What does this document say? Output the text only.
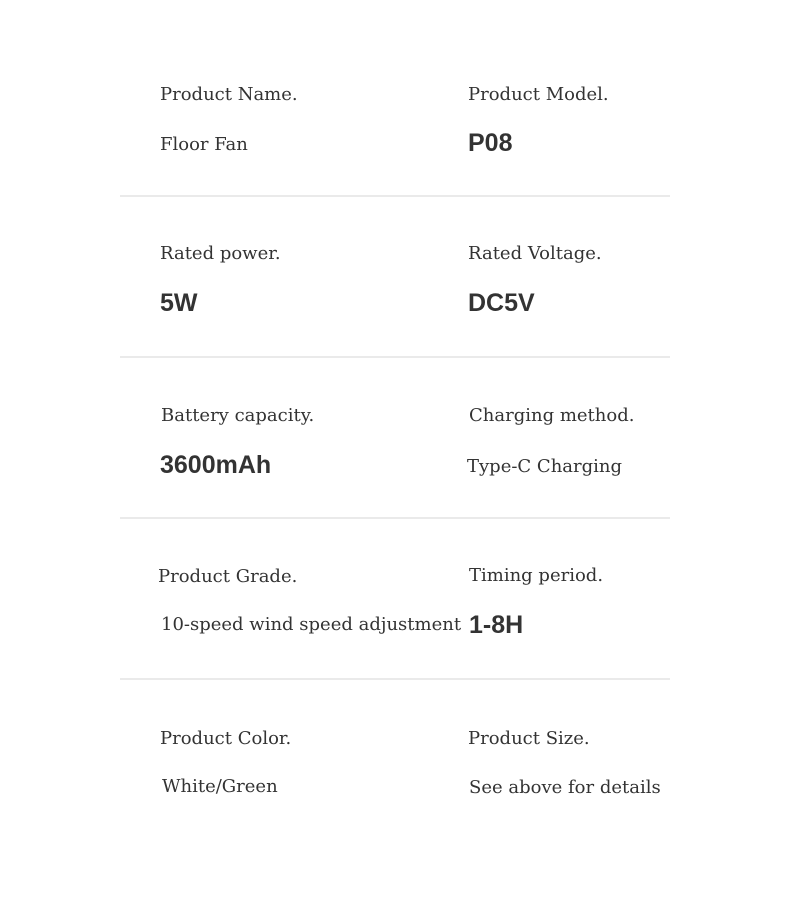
Product Name.
Floor Fan
Product Model.
P08
Rated power.
5W
Rated Voltage.
DC5V
Battery capacity.
3600mAh
Charging method.
Type-C Charging
Product Grade.
10-speed wind speed adjustment
Timing period.
1-8H
Product Color.
White/Green
Product Size.
See above for details
